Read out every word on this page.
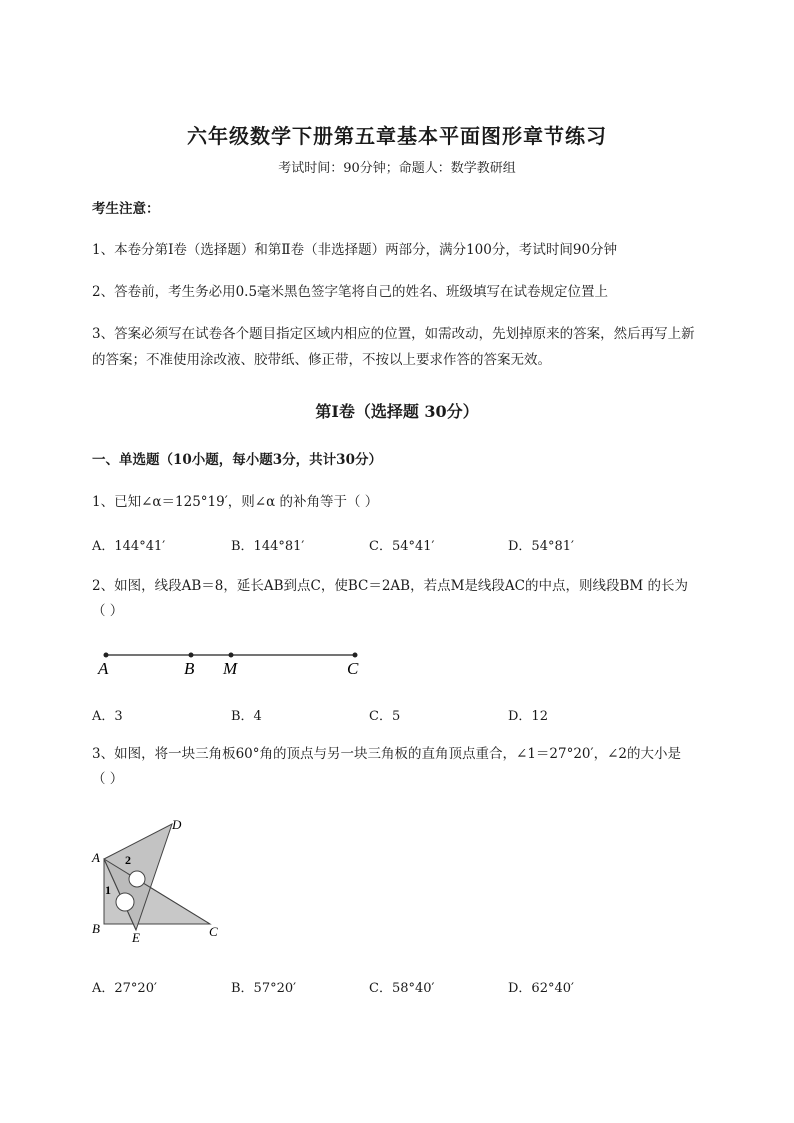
六年级数学下册第五章基本平面图形章节练习
考试时间：90分钟；命题人：数学教研组
考生注意：
1、本卷分第I卷（选择题）和第Ⅱ卷（非选择题）两部分，满分100分，考试时间90分钟
2、答卷前，考生务必用0.5毫米黑色签字笔将自己的姓名、班级填写在试卷规定位置上
3、答案必须写在试卷各个题目指定区域内相应的位置，如需改动，先划掉原来的答案，然后再写上新
的答案；不准使用涂改液、胶带纸、修正带，不按以上要求作答的答案无效。
第I卷（选择题 30分）
一、单选题（10小题，每小题3分，共计30分）
1、已知∠α＝125°19′，则∠α 的补角等于（ ）
A．144°41′	B．144°81′	C．54°41′	D．54°81′
2、如图，线段AB＝8，延长AB到点C，使BC＝2AB，若点M是线段AC的中点，则线段BM 的长为
（ ）
A	B M	C
A．3	B．4	C．5	D．12
3、如图，将一块三角板60°角的顶点与另一块三角板的直角顶点重合，∠1＝27°20′，∠2的大小是
（ ）
A
B	C
D
E
1
2
A．27°20′	B．57°20′	C．58°40′	D．62°40′
